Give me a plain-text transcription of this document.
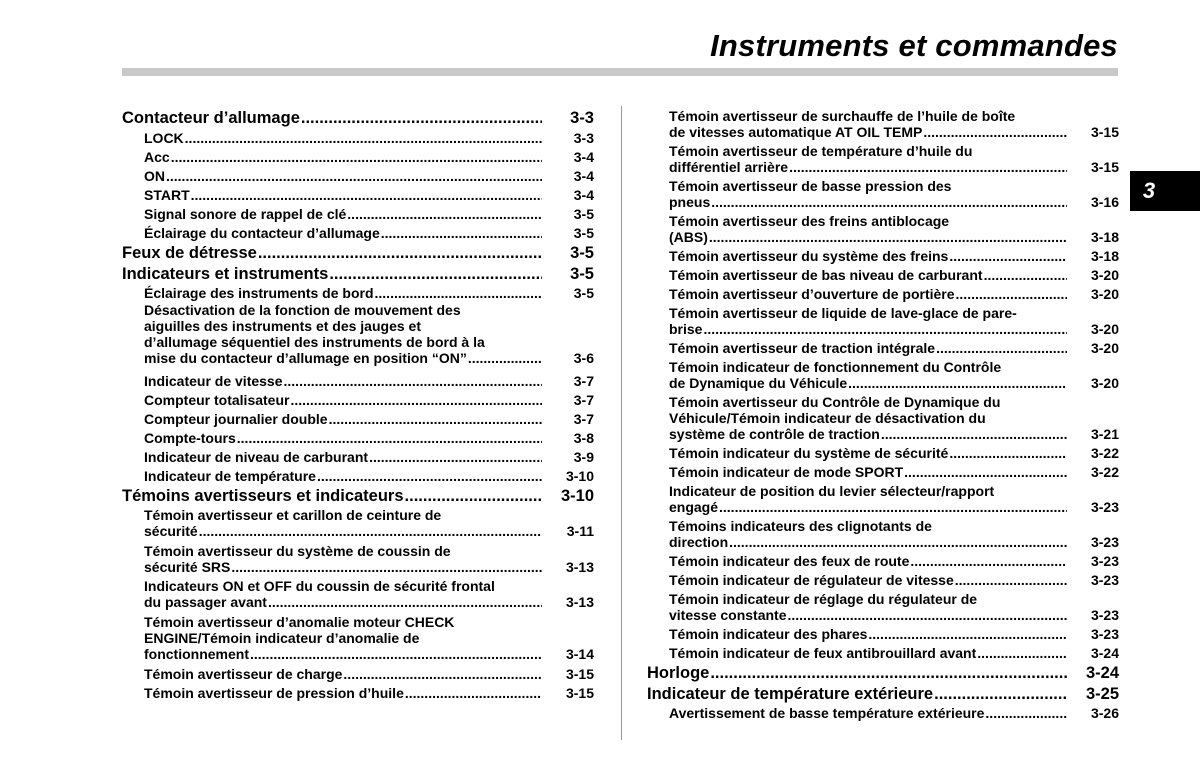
Instruments et commandes
3
Contacteur d’allumage .....	3-3
LOCK .....	3-3
Acc .....	3-4
ON .....	3-4
START .....	3-4
Signal sonore de rappel de clé .....	3-5
Éclairage du contacteur d’allumage .....	3-5
Feux de détresse .....	3-5
Indicateurs et instruments .....	3-5
Éclairage des instruments de bord .....	3-5
Désactivation de la fonction de mouvement des
aiguilles des instruments et des jauges et
d’allumage séquentiel des instruments de bord à la
mise du contacteur d’allumage en position “ON” .....	3-6
Indicateur de vitesse .....	3-7
Compteur totalisateur .....	3-7
Compteur journalier double .....	3-7
Compte-tours .....	3-8
Indicateur de niveau de carburant .....	3-9
Indicateur de température .....	3-10
Témoins avertisseurs et indicateurs .....	3-10
Témoin avertisseur et carillon de ceinture de
sécurité .....	3-11
Témoin avertisseur du système de coussin de
sécurité SRS .....	3-13
Indicateurs ON et OFF du coussin de sécurité frontal
du passager avant .....	3-13
Témoin avertisseur d’anomalie moteur CHECK
ENGINE/Témoin indicateur d’anomalie de
fonctionnement .....	3-14
Témoin avertisseur de charge .....	3-15
Témoin avertisseur de pression d’huile .....	3-15
Témoin avertisseur de surchauffe de l’huile de boîte
de vitesses automatique AT OIL TEMP .....	3-15
Témoin avertisseur de température d’huile du
différentiel arrière .....	3-15
Témoin avertisseur de basse pression des
pneus .....	3-16
Témoin avertisseur des freins antiblocage
(ABS) .....	3-18
Témoin avertisseur du système des freins .....	3-18
Témoin avertisseur de bas niveau de carburant .....	3-20
Témoin avertisseur d’ouverture de portière .....	3-20
Témoin avertisseur de liquide de lave-glace de pare-
brise .....	3-20
Témoin avertisseur de traction intégrale .....	3-20
Témoin indicateur de fonctionnement du Contrôle
de Dynamique du Véhicule .....	3-20
Témoin avertisseur du Contrôle de Dynamique du
Véhicule/Témoin indicateur de désactivation du
système de contrôle de traction .....	3-21
Témoin indicateur du système de sécurité .....	3-22
Témoin indicateur de mode SPORT .....	3-22
Indicateur de position du levier sélecteur/rapport
engagé .....	3-23
Témoins indicateurs des clignotants de
direction .....	3-23
Témoin indicateur des feux de route .....	3-23
Témoin indicateur de régulateur de vitesse .....	3-23
Témoin indicateur de réglage du régulateur de
vitesse constante .....	3-23
Témoin indicateur des phares .....	3-23
Témoin indicateur de feux antibrouillard avant .....	3-24
Horloge .....	3-24
Indicateur de température extérieure .....	3-25
Avertissement de basse température extérieure .....	3-26
